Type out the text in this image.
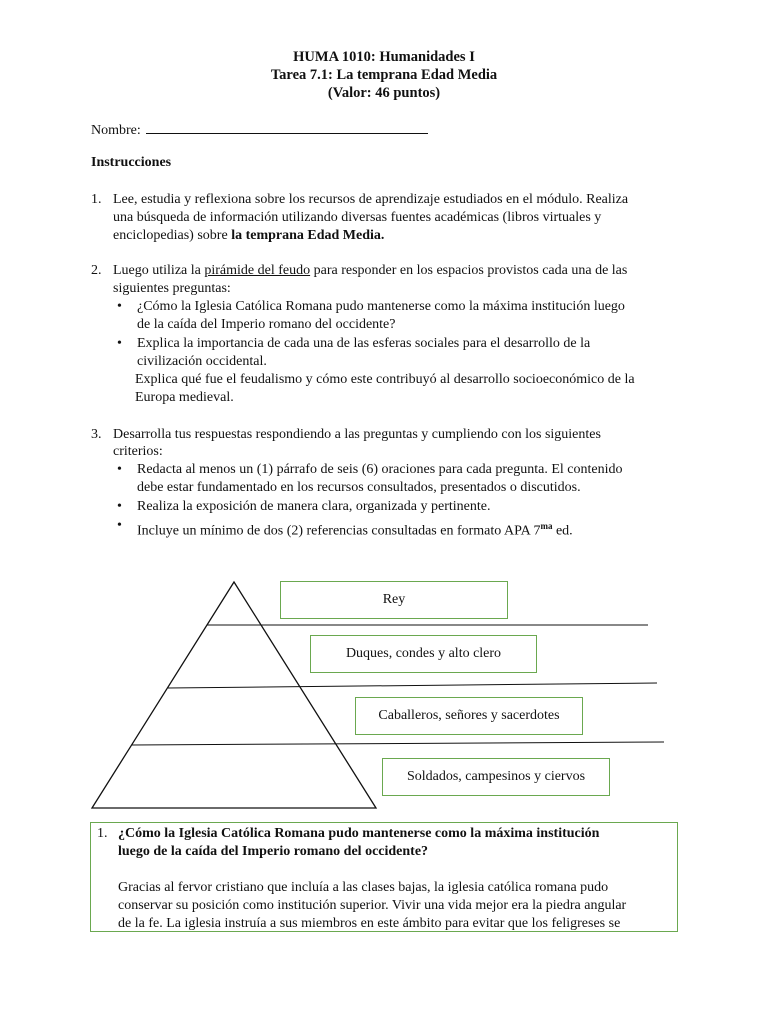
HUMA 1010: Humanidades I
Tarea 7.1: La temprana Edad Media
(Valor: 46 puntos)
Nombre:
Instrucciones
1. Lee, estudia y reflexiona sobre los recursos de aprendizaje estudiados en el módulo. Realiza
una búsqueda de información utilizando diversas fuentes académicas (libros virtuales y
enciclopedias) sobre la temprana Edad Media.
2. Luego utiliza la pirámide del feudo para responder en los espacios provistos cada una de las
siguientes preguntas:
• ¿Cómo la Iglesia Católica Romana pudo mantenerse como la máxima institución luego
de la caída del Imperio romano del occidente?
• Explica la importancia de cada una de las esferas sociales para el desarrollo de la
civilización occidental.
Explica qué fue el feudalismo y cómo este contribuyó al desarrollo socioeconómico de la
Europa medieval.
3. Desarrolla tus respuestas respondiendo a las preguntas y cumpliendo con los siguientes
criterios:
• Redacta al menos un (1) párrafo de seis (6) oraciones para cada pregunta. El contenido
debe estar fundamentado en los recursos consultados, presentados o discutidos.
• Realiza la exposición de manera clara, organizada y pertinente.
• Incluye un mínimo de dos (2) referencias consultadas en formato APA $7^{ma}$ ed.
Rey
Duques, condes y alto clero
Caballeros, señores y sacerdotes
Soldados, campesinos y ciervos
1. ¿Cómo la Iglesia Católica Romana pudo mantenerse como la máxima institución
luego de la caída del Imperio romano del occidente?
Gracias al fervor cristiano que incluía a las clases bajas, la iglesia católica romana pudo
conservar su posición como institución superior. Vivir una vida mejor era la piedra angular
de la fe. La iglesia instruía a sus miembros en este ámbito para evitar que los feligreses se
